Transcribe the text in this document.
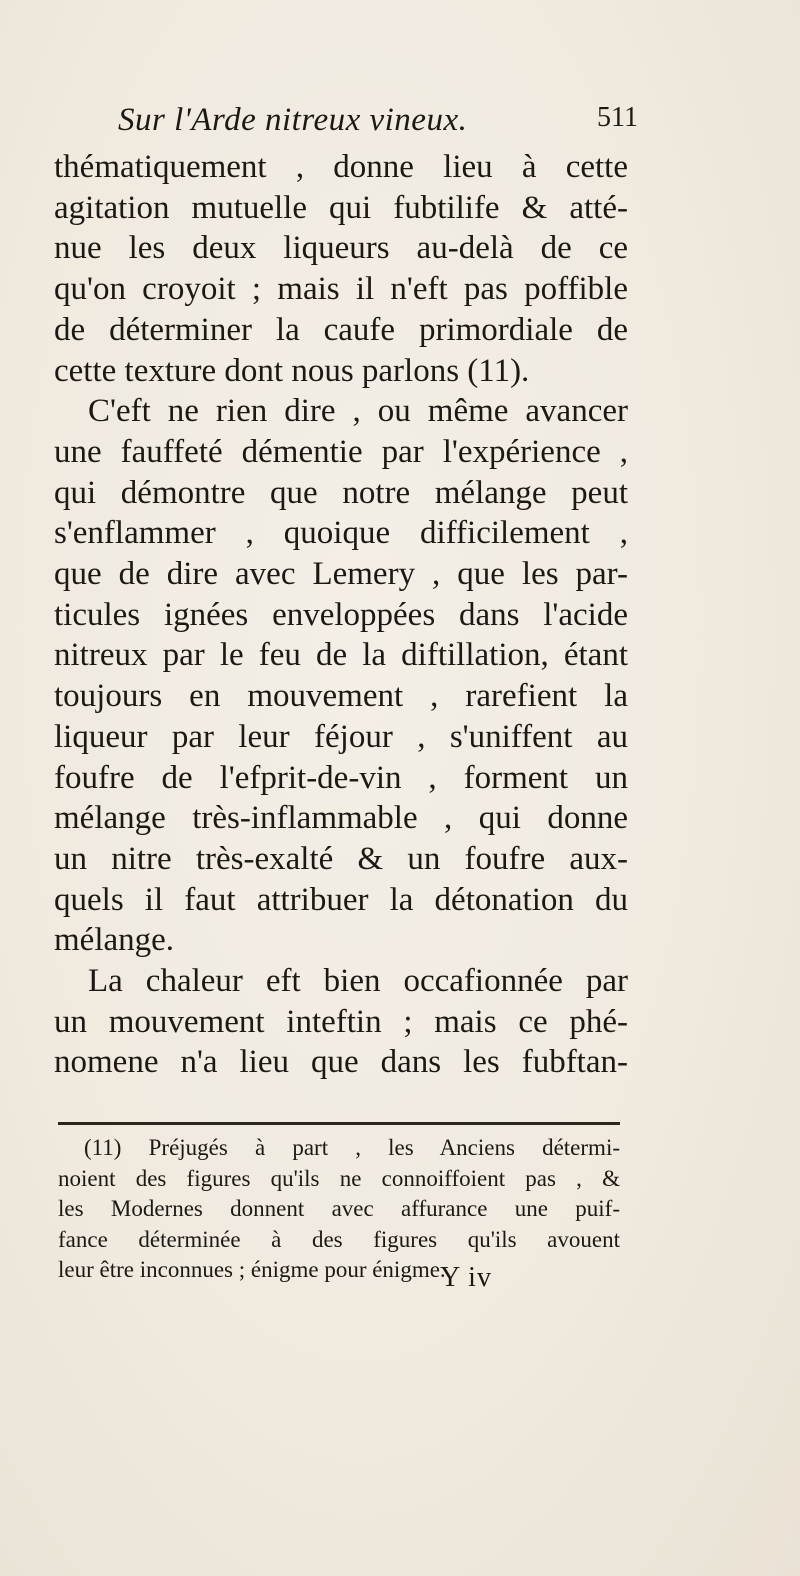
Sur l'Arde nitreux vineux.	511
thématiquement , donne lieu à cette
agitation mutuelle qui fubtilife & atté-
nue les deux liqueurs au-delà de ce
qu'on croyoit ; mais il n'eft pas poffible
de déterminer la caufe primordiale de
cette texture dont nous parlons (11).
C'eft ne rien dire , ou même avancer
une fauffeté démentie par l'expérience ,
qui démontre que notre mélange peut
s'enflammer , quoique difficilement ,
que de dire avec Lemery , que les par-
ticules ignées enveloppées dans l'acide
nitreux par le feu de la diftillation, étant
toujours en mouvement , rarefient la
liqueur par leur féjour , s'uniffent au
foufre de l'efprit-de-vin , forment un
mélange très-inflammable , qui donne
un nitre très-exalté & un foufre aux-
quels il faut attribuer la détonation du
mélange.
La chaleur eft bien occafionnée par
un mouvement inteftin ; mais ce phé-
nomene n'a lieu que dans les fubftan-
(11) Préjugés à part , les Anciens détermi-
noient des figures qu'ils ne connoiffoient pas , &
les Modernes donnent avec affurance une puif-
fance déterminée à des figures qu'ils avouent
leur être inconnues ; énigme pour énigme.
Y iv
